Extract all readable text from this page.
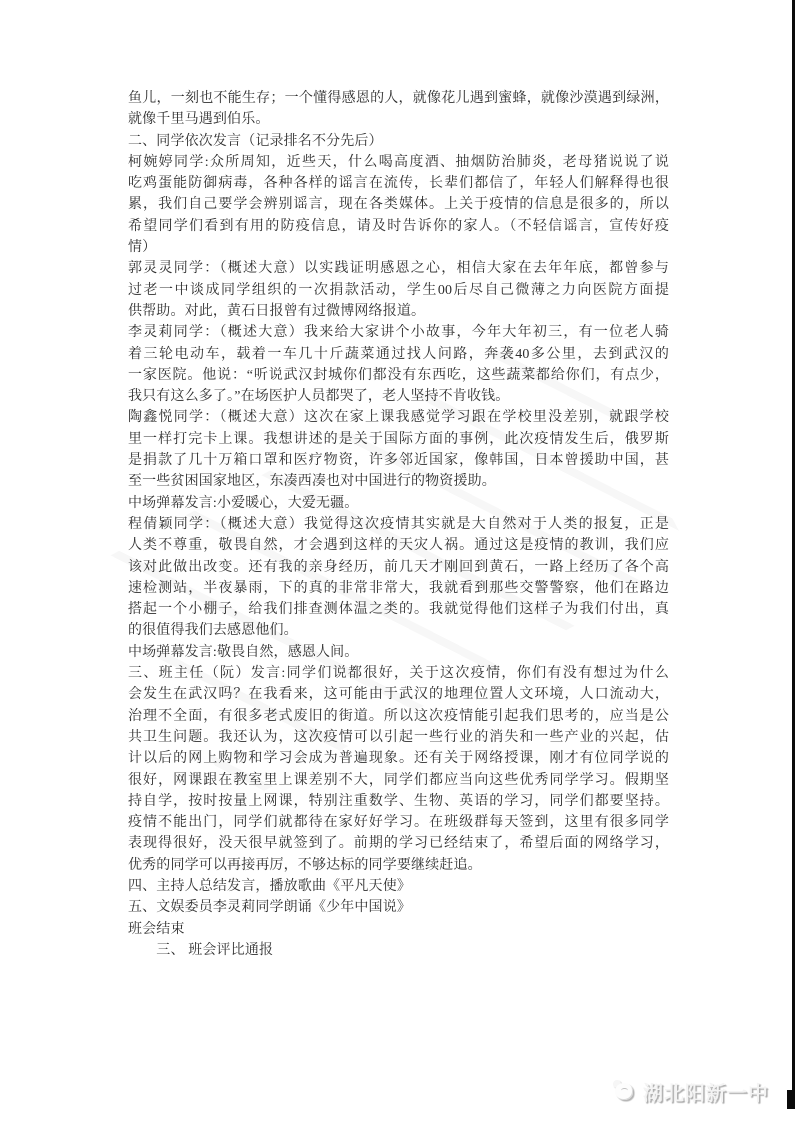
鱼儿，一刻也不能生存；一个懂得感恩的人，就像花儿遇到蜜蜂，就像沙漠遇到绿洲，

就像千里马遇到伯乐。

二、同学依次发言（记录排名不分先后）

柯婉婷同学:众所周知，近些天，什么喝高度酒、抽烟防治肺炎，老母猪说说了说

吃鸡蛋能防御病毒，各种各样的谣言在流传，长辈们都信了，年轻人们解释得也很

累，我们自己要学会辨别谣言，现在各类媒体。上关于疫情的信息是很多的，所以

希望同学们看到有用的防疫信息，请及时告诉你的家人。（不轻信谣言，宣传好疫

情）

郭灵灵同学：（概述大意）以实践证明感恩之心，相信大家在去年年底，都曾参与

过老一中谈成同学组织的一次捐款活动，学生00后尽自己微薄之力向医院方面提

供帮助。对此，黄石日报曾有过微博网络报道。

李灵莉同学：（概述大意）我来给大家讲个小故事，今年大年初三，有一位老人骑

着三轮电动车，载着一车几十斤蔬菜通过找人问路，奔袭40多公里，去到武汉的

一家医院。他说：“听说武汉封城你们都没有东西吃，这些蔬菜都给你们，有点少，

我只有这么多了。”在场医护人员都哭了，老人坚持不肯收钱。

陶鑫悦同学：（概述大意）这次在家上课我感觉学习跟在学校里没差别，就跟学校

里一样打完卡上课。我想讲述的是关于国际方面的事例，此次疫情发生后，俄罗斯

是捐款了几十万箱口罩和医疗物资，许多邻近国家，像韩国，日本曾援助中国，甚

至一些贫困国家地区，东凑西凑也对中国进行的物资援助。

中场弹幕发言:小爱暖心，大爱无疆。

程倩颖同学：（概述大意）我觉得这次疫情其实就是大自然对于人类的报复，正是

人类不尊重，敬畏自然，才会遇到这样的天灾人祸。通过这是疫情的教训，我们应

该对此做出改变。还有我的亲身经历，前几天才刚回到黄石，一路上经历了各个高

速检测站，半夜暴雨，下的真的非常非常大，我就看到那些交警警察，他们在路边

搭起一个小棚子，给我们排查测体温之类的。我就觉得他们这样子为我们付出，真

的很值得我们去感恩他们。

中场弹幕发言:敬畏自然，感恩人间。

三、班主任（阮）发言:同学们说都很好，关于这次疫情，你们有没有想过为什么

会发生在武汉吗？在我看来，这可能由于武汉的地理位置人文环境，人口流动大，

治理不全面，有很多老式废旧的街道。所以这次疫情能引起我们思考的，应当是公

共卫生问题。我还认为，这次疫情可以引起一些行业的消失和一些产业的兴起，估

计以后的网上购物和学习会成为普遍现象。还有关于网络授课，刚才有位同学说的

很好，网课跟在教室里上课差别不大，同学们都应当向这些优秀同学学习。假期坚

持自学，按时按量上网课，特别注重数学、生物、英语的学习，同学们都要坚持。

疫情不能出门，同学们就都待在家好好学习。在班级群每天签到，这里有很多同学

表现得很好，没天很早就签到了。前期的学习已经结束了，希望后面的网络学习，

优秀的同学可以再接再厉，不够达标的同学要继续赶追。

四、主持人总结发言，播放歌曲《平凡天使》

五、文娱委员李灵莉同学朗诵《少年中国说》

班会结束

　　三、 班会评比通报

湖北阳新一中
